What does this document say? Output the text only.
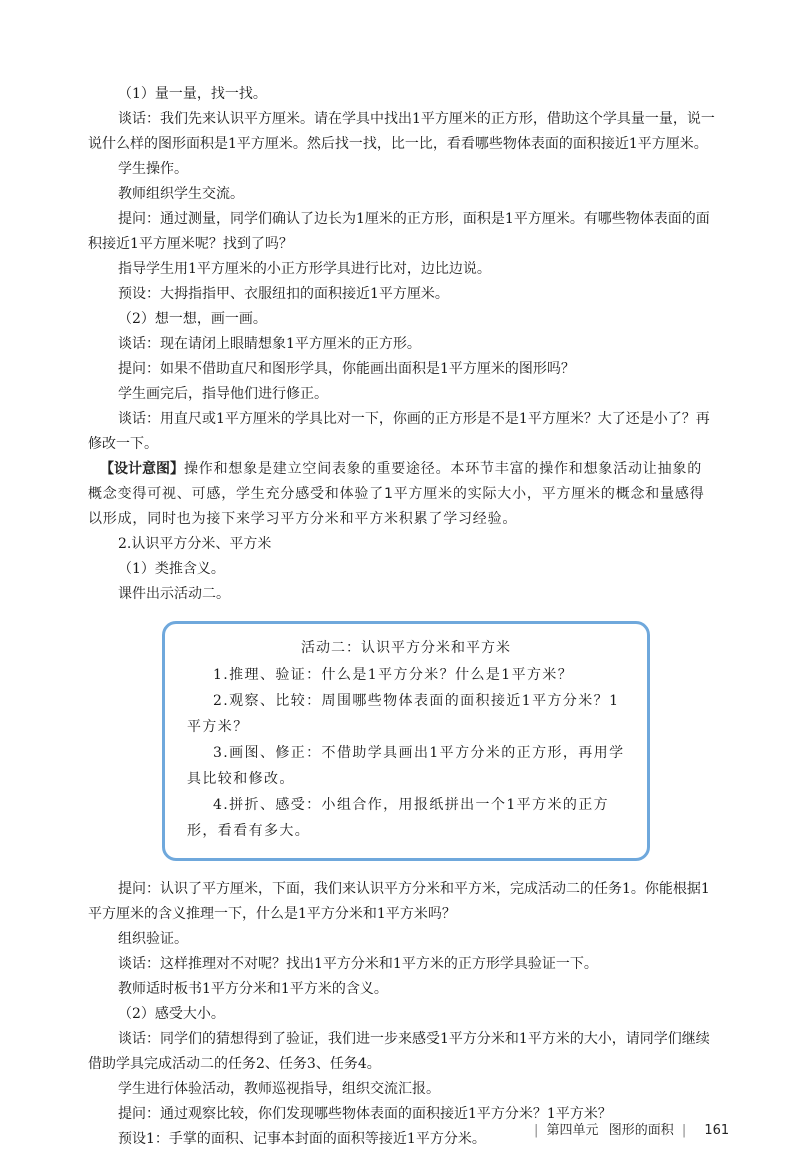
（1）量一量，找一找。

谈话：我们先来认识平方厘米。请在学具中找出1平方厘米的正方形，借助这个学具量一量，说一说什么样的图形面积是1平方厘米。然后找一找，比一比，看看哪些物体表面的面积接近1平方厘米。

学生操作。

教师组织学生交流。

提问：通过测量，同学们确认了边长为1厘米的正方形，面积是1平方厘米。有哪些物体表面的面积接近1平方厘米呢？找到了吗？

指导学生用1平方厘米的小正方形学具进行比对，边比边说。

预设：大拇指指甲、衣服纽扣的面积接近1平方厘米。

（2）想一想，画一画。

谈话：现在请闭上眼睛想象1平方厘米的正方形。

提问：如果不借助直尺和图形学具，你能画出面积是1平方厘米的图形吗？

学生画完后，指导他们进行修正。

谈话：用直尺或1平方厘米的学具比对一下，你画的正方形是不是1平方厘米？大了还是小了？再修改一下。

【设计意图】操作和想象是建立空间表象的重要途径。本环节丰富的操作和想象活动让抽象的概念变得可视、可感，学生充分感受和体验了1平方厘米的实际大小，平方厘米的概念和量感得以形成，同时也为接下来学习平方分米和平方米积累了学习经验。

2.认识平方分米、平方米

（1）类推含义。

课件出示活动二。

活动二：认识平方分米和平方米

1.推理、验证：什么是1平方分米？什么是1平方米？

2.观察、比较：周围哪些物体表面的面积接近1平方分米？1平方米？

3.画图、修正：不借助学具画出1平方分米的正方形，再用学具比较和修改。

4.拼折、感受：小组合作，用报纸拼出一个1平方米的正方形，看看有多大。

提问：认识了平方厘米，下面，我们来认识平方分米和平方米，完成活动二的任务1。你能根据1平方厘米的含义推理一下，什么是1平方分米和1平方米吗？

组织验证。

谈话：这样推理对不对呢？找出1平方分米和1平方米的正方形学具验证一下。

教师适时板书1平方分米和1平方米的含义。

（2）感受大小。

谈话：同学们的猜想得到了验证，我们进一步来感受1平方分米和1平方米的大小，请同学们继续借助学具完成活动二的任务2、任务3、任务4。

学生进行体验活动，教师巡视指导，组织交流汇报。

提问：通过观察比较，你们发现哪些物体表面的面积接近1平方分米？1平方米？

预设1：手掌的面积、记事本封面的面积等接近1平方分米。

| 第四单元 图形的面积 | 161
